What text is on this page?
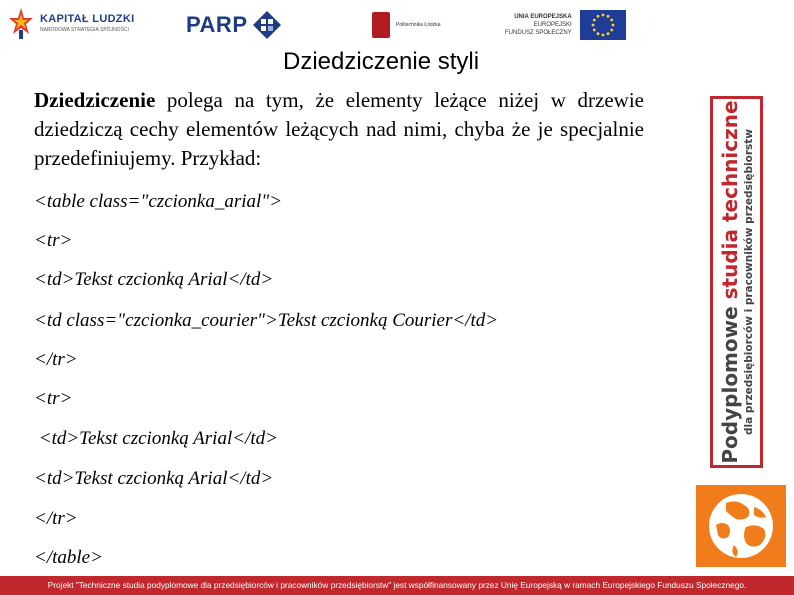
KAPITAŁ LUDZKI
NARODOWA STRATEGIA SPÓJNOŚCI	PARP	Politechnika Łódzka
UNIA EUROPEJSKA
EUROPEJSKI
FUNDUSZ SPOŁECZNY
Dziedziczenie styli
Dziedziczenie polega na tym, że elementy leżące niżej w drzewie dziedziczą cechy elementów leżących nad nimi, chyba że je specjalnie przedefiniujemy. Przykład:
<table class="czcionka_arial">
<tr>
<td>Tekst czcionką Arial</td>
<td class="czcionka_courier">Tekst czcionką Courier</td>
</tr>
<tr>
<td>Tekst czcionką Arial</td>
<td>Tekst czcionką Arial</td>
</tr>
</table>
Podyplomowe studia techniczne dla przedsiębiorców i pracowników przedsiębiorstw
Projekt "Techniczne studia podyplomowe dla przedsiębiorców i pracowników przedsiębiorstw" jest współfinansowany przez Unię Europejską w ramach Europejskiego Funduszu Społecznego.
